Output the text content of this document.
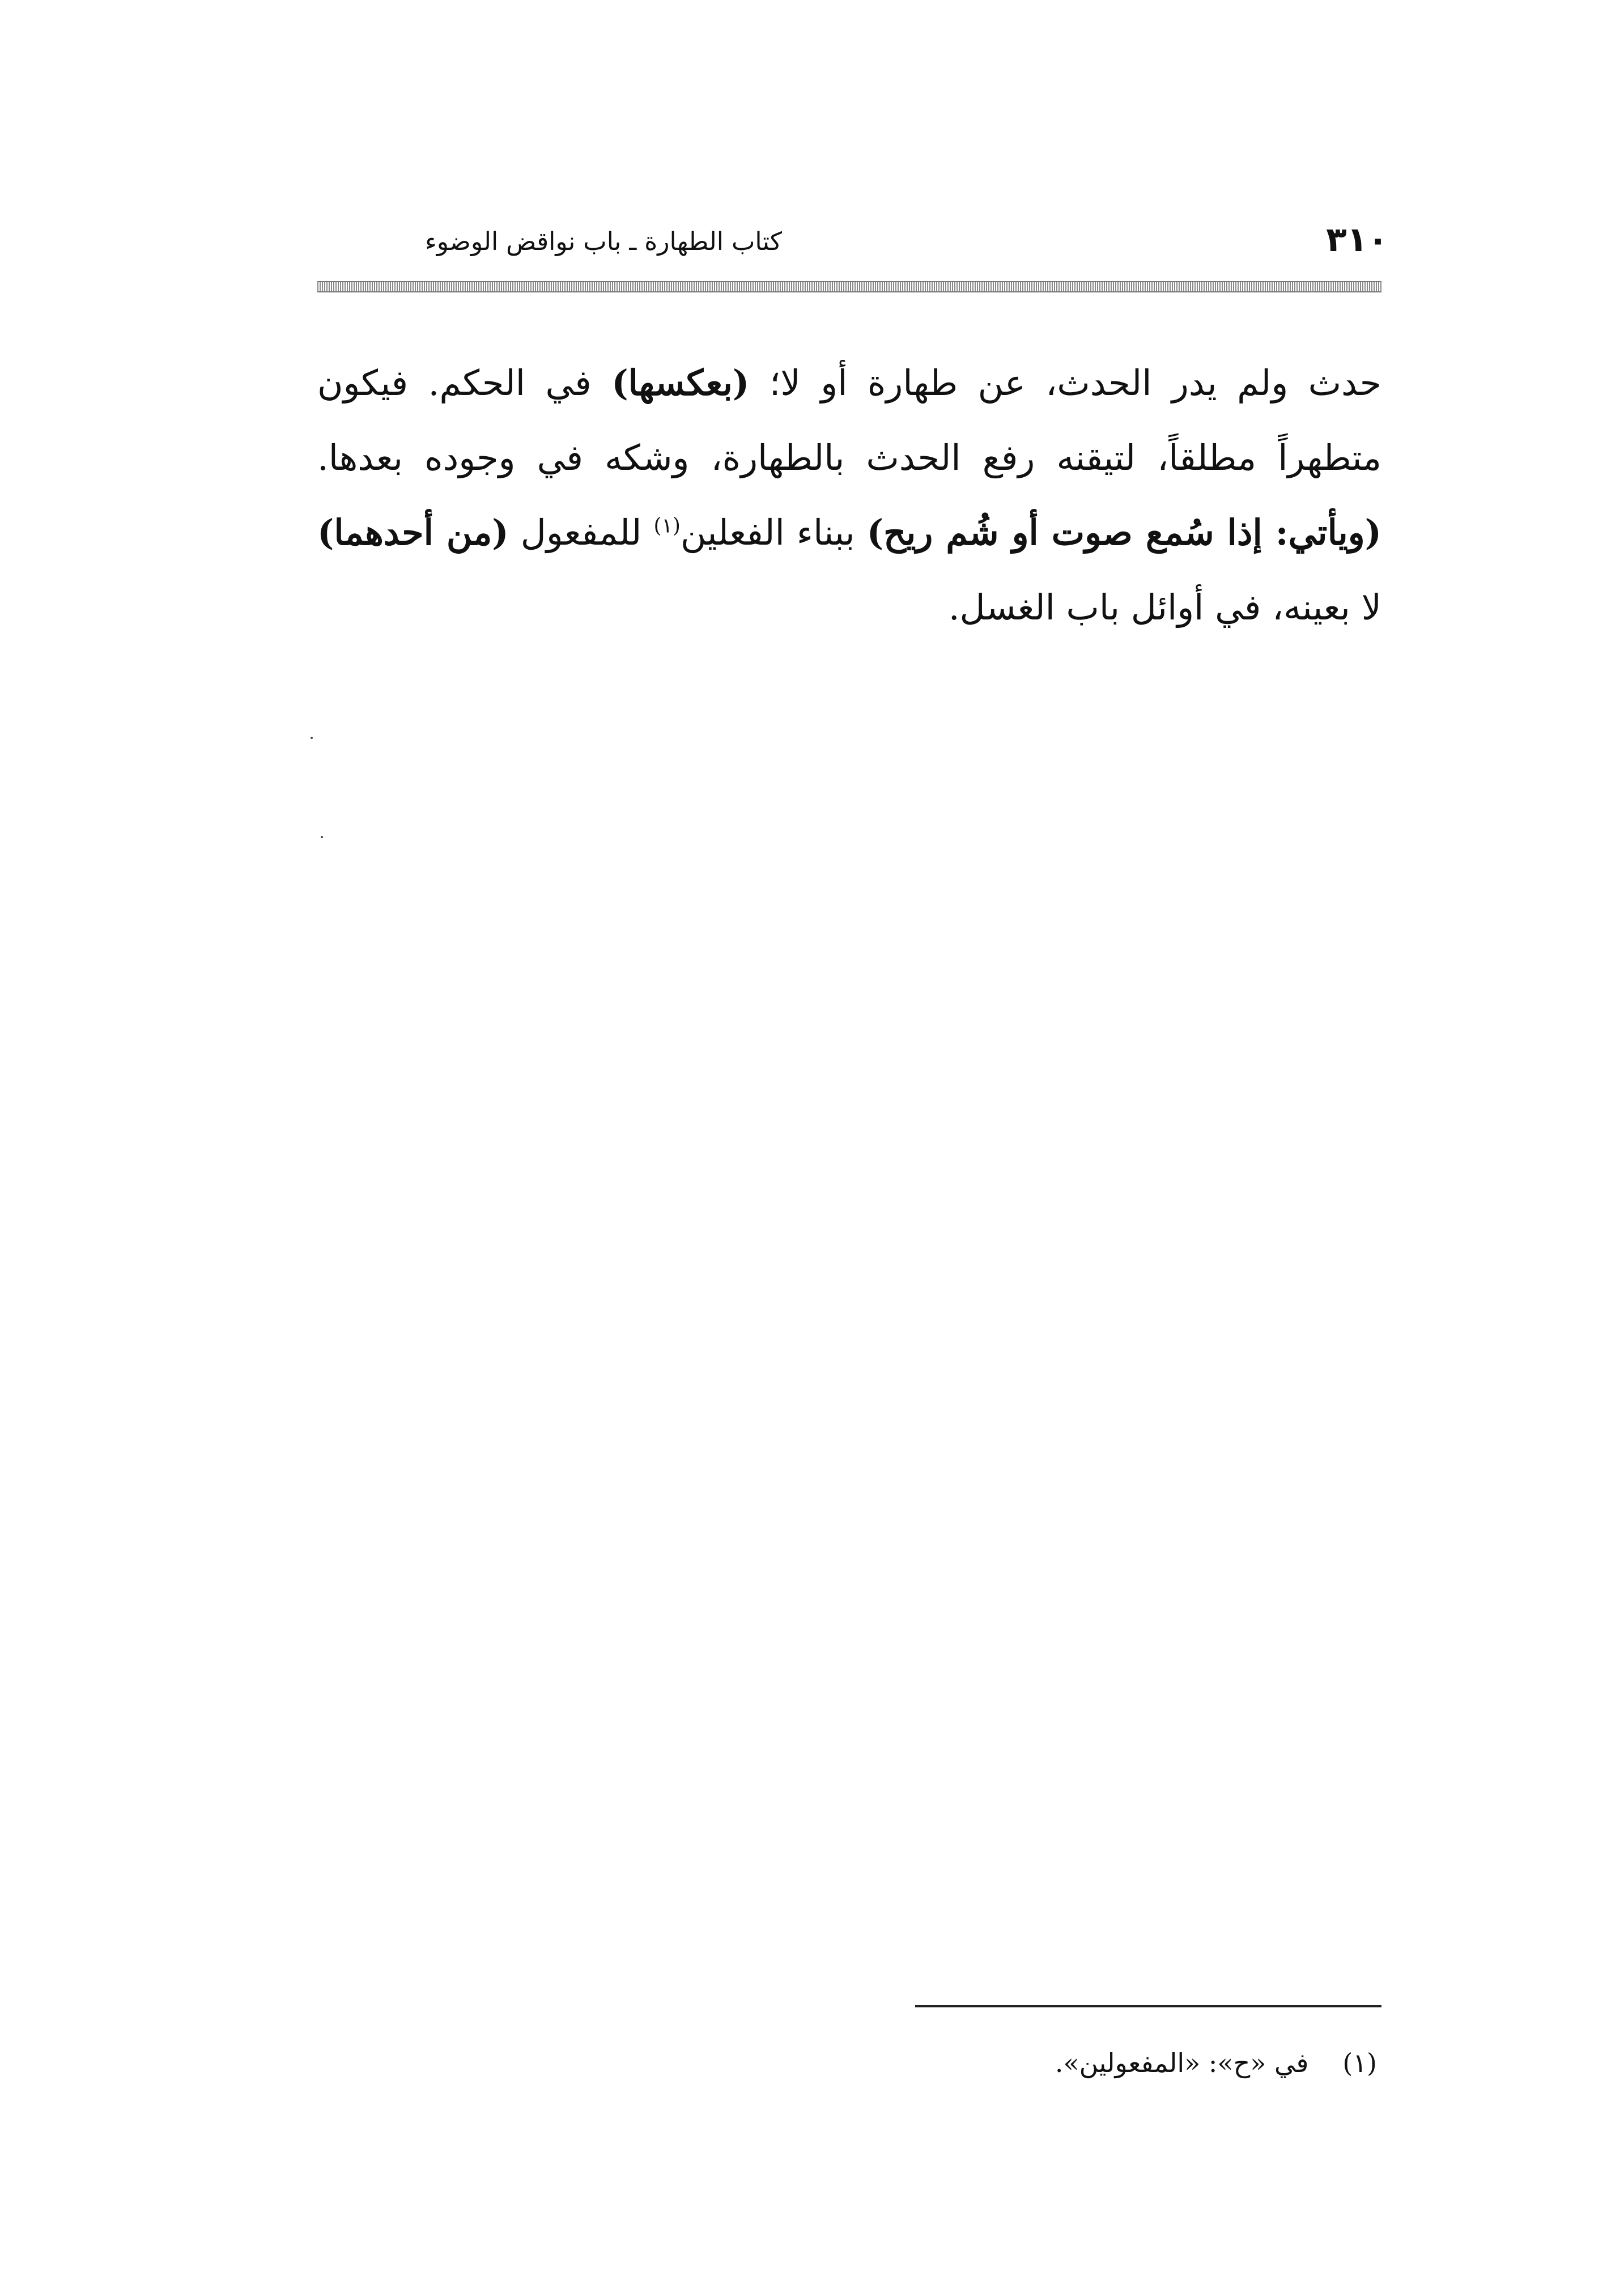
٣١٠
كتاب الطهارة ـ باب نواقض الوضوء
حدث ولم يدر الحدث، عن طهارة أو لا؛ (بعكسها) في الحكم. فيكون متطهراً مطلقاً، لتيقنه رفع الحدث بالطهارة، وشكه في وجوده بعدها. (ويأتي: إذا سُمع صوت أو شُم ريح) ببناء الفعلين$^{(١)}$ للمفعول (من أحدهما) لا بعينه، في أوائل باب الغسل.
(١)في «ح»: «المفعولين».
